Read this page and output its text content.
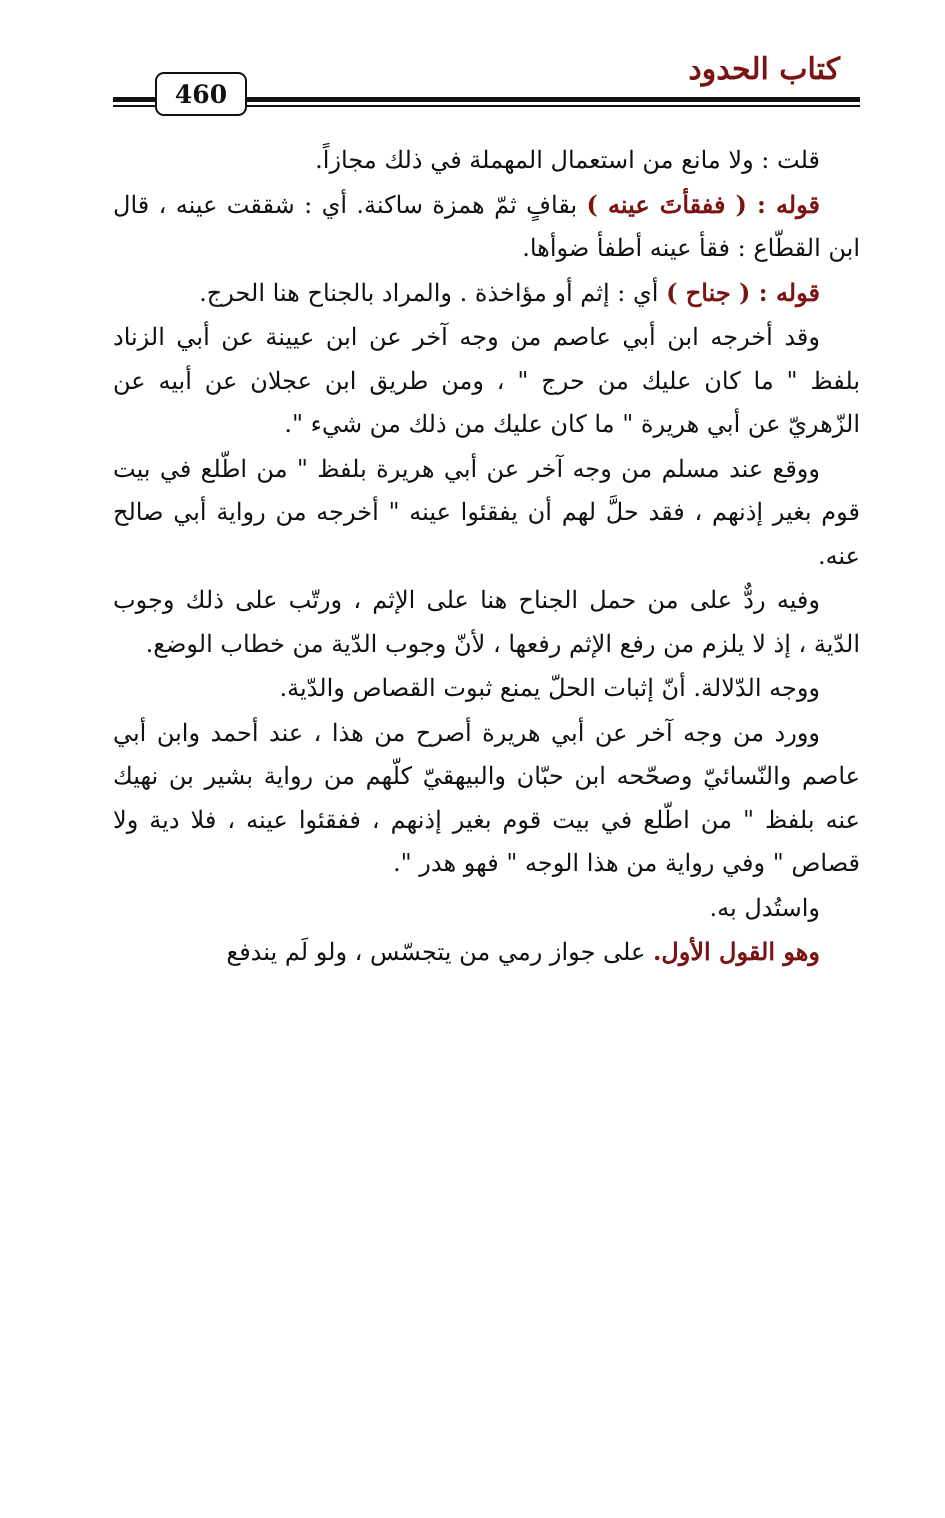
كتاب الحدود
460

قلت : ولا مانع من استعمال المهملة في ذلك مجازاً.

قوله : ( ففقأتَ عينه ) بقافٍ ثمّ همزة ساكنة. أي : شققت عينه ، قال ابن القطّاع : فقأ عينه أطفأ ضوأها.

قوله : ( جناح ) أي : إثم أو مؤاخذة . والمراد بالجناح هنا الحرج.

وقد أخرجه ابن أبي عاصم من وجه آخر عن ابن عيينة عن أبي الزناد بلفظ " ما كان عليك من حرج " ، ومن طريق ابن عجلان عن أبيه عن الزّهريّ عن أبي هريرة " ما كان عليك من ذلك من شيء ".

ووقع عند مسلم من وجه آخر عن أبي هريرة بلفظ " من اطّلع في بيت قوم بغير إذنهم ، فقد حلَّ لهم أن يفقئوا عينه " أخرجه من رواية أبي صالح عنه.

وفيه ردٌّ على من حمل الجناح هنا على الإثم ، ورتّب على ذلك وجوب الدّية ، إذ لا يلزم من رفع الإثم رفعها ، لأنّ وجوب الدّية من خطاب الوضع.

ووجه الدّلالة. أنّ إثبات الحلّ يمنع ثبوت القصاص والدّية.

وورد من وجه آخر عن أبي هريرة أصرح من هذا ، عند أحمد وابن أبي عاصم والنّسائيّ وصحّحه ابن حبّان والبيهقيّ كلّهم من رواية بشير بن نهيك عنه بلفظ " من اطّلع في بيت قوم بغير إذنهم ، ففقئوا عينه ، فلا دية ولا قصاص " وفي رواية من هذا الوجه " فهو هدر ".

واستُدل به.

وهو القول الأول. على جواز رمي من يتجسّس ، ولو لَم يندفع
